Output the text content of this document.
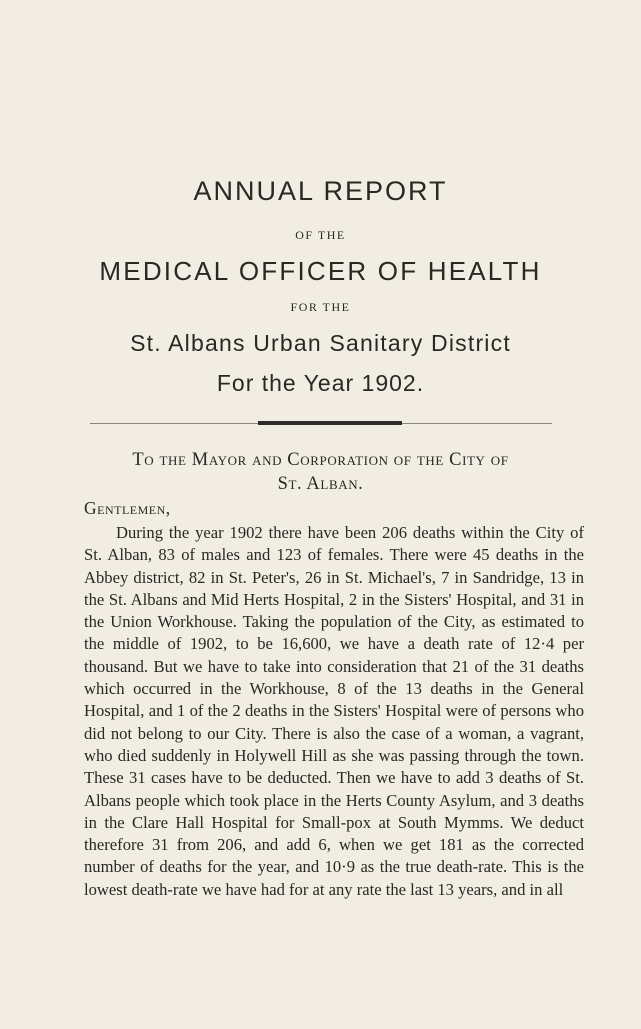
ANNUAL REPORT
OF THE
MEDICAL OFFICER OF HEALTH
FOR THE
St. Albans Urban Sanitary District
For the Year 1902.
To the Mayor and Corporation of the City of
St. Alban.
Gentlemen,

During the year 1902 there have been 206 deaths within the City of St. Alban, 83 of males and 123 of females. There were 45 deaths in the Abbey district, 82 in St. Peter's, 26 in St. Michael's, 7 in Sandridge, 13 in the St. Albans and Mid Herts Hospital, 2 in the Sisters' Hospital, and 31 in the Union Workhouse. Taking the population of the City, as estimated to the middle of 1902, to be 16,600, we have a death rate of 12·4 per thousand. But we have to take into consideration that 21 of the 31 deaths which occurred in the Workhouse, 8 of the 13 deaths in the General Hospital, and 1 of the 2 deaths in the Sisters' Hospital were of persons who did not belong to our City. There is also the case of a woman, a vagrant, who died suddenly in Holywell Hill as she was passing through the town. These 31 cases have to be deducted. Then we have to add 3 deaths of St. Albans people which took place in the Herts County Asylum, and 3 deaths in the Clare Hall Hospital for Small-pox at South Mymms. We deduct therefore 31 from 206, and add 6, when we get 181 as the corrected number of deaths for the year, and 10·9 as the true death-rate. This is the lowest death-rate we have had for at any rate the last 13 years, and in all
